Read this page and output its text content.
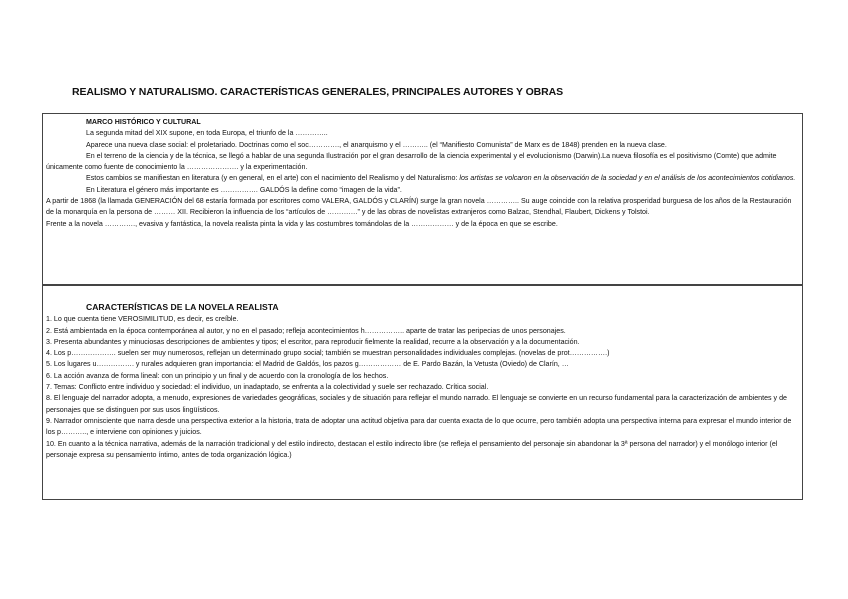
REALISMO Y NATURALISMO. CARACTERÍSTICAS GENERALES, PRINCIPALES AUTORES Y OBRAS
MARCO HISTÓRICO Y CULTURAL

La segunda mitad del XIX supone, en toda Europa, el triunfo de la …………..

Aparece una nueva clase social: el proletariado. Doctrinas como el soc…………., el anarquismo y el ……….. (el “Manifiesto Comunista” de Marx es de 1848) prenden en la nueva clase.

En el terreno de la ciencia y de la técnica, se llegó a hablar de una segunda Ilustración por el gran desarrollo de la ciencia experimental y el evolucionismo (Darwin).La nueva filosofía es el positivismo (Comte) que admite únicamente como fuente de conocimiento la …………………. y la experimentación.

Estos cambios se manifiestan en literatura (y en general, en el arte) con el nacimiento del Realismo y del Naturalismo: los artistas se volcaron en la observación de la sociedad y en el análisis de los acontecimientos cotidianos.

En Literatura el género más importante es ……………. GALDÓS la define como “imagen de la vida”.

A partir de 1868 (la llamada GENERACIÓN del 68 estaría formada por escritores como VALERA, GALDÓS y CLARÍN) surge la gran novela ………….. Su auge coincide con la relativa prosperidad burguesa de los años de la Restauración de la monarquía en la persona de ……… XII. Recibieron la influencia de los “artículos de ………….” y de las obras de novelistas extranjeros como Balzac, Stendhal, Flaubert, Dickens y Tolstoi.

Frente a la novela …………., evasiva y fantástica, la novela realista pinta la vida y las costumbres tomándolas de la ……………… y de la época en que se escribe.

CARACTERÍSTICAS DE LA NOVELA REALISTA

1. Lo que cuenta tiene VEROSIMILITUD, es decir, es creíble.

2. Está ambientada en la época contemporánea al autor, y no en el pasado; refleja acontecimientos h…………….. aparte de tratar las peripecias de unos personajes.

3. Presenta abundantes y minuciosas descripciones de ambientes y tipos; el escritor, para reproducir fielmente la realidad, recurre a la observación y a la documentación.

4. Los p………………. suelen ser muy numerosos, reflejan un determinado grupo social; también se muestran personalidades individuales complejas. (novelas de prot…………….)

5. Los lugares u……………. y rurales adquieren gran importancia: el Madrid de Galdós, los pazos g……………… de E. Pardo Bazán, la Vetusta (Oviedo) de Clarín, …

6. La acción avanza de forma lineal: con un principio y un final y de acuerdo con la cronología de los hechos.

7. Temas: Conflicto entre individuo y sociedad: el individuo, un inadaptado, se enfrenta a la colectividad y suele ser rechazado. Crítica social.

8. El lenguaje del narrador adopta, a menudo, expresiones de variedades geográficas, sociales y de situación para reflejar el mundo narrado. El lenguaje se convierte en un recurso fundamental para la caracterización de ambientes y de personajes que se distinguen por sus usos lingüísticos.

9. Narrador omnisciente que narra desde una perspectiva exterior a la historia, trata de adoptar una actitud objetiva para dar cuenta exacta de lo que ocurre, pero también adopta una perspectiva interna para expresar el mundo interior de los p……….., e interviene con opiniones y juicios.

10. En cuanto a la técnica narrativa, además de la narración tradicional y del estilo indirecto, destacan el estilo indirecto libre (se refleja el pensamiento del personaje sin abandonar la 3ª persona del narrador) y el monólogo interior (el personaje expresa su pensamiento íntimo, antes de toda organización lógica.)
